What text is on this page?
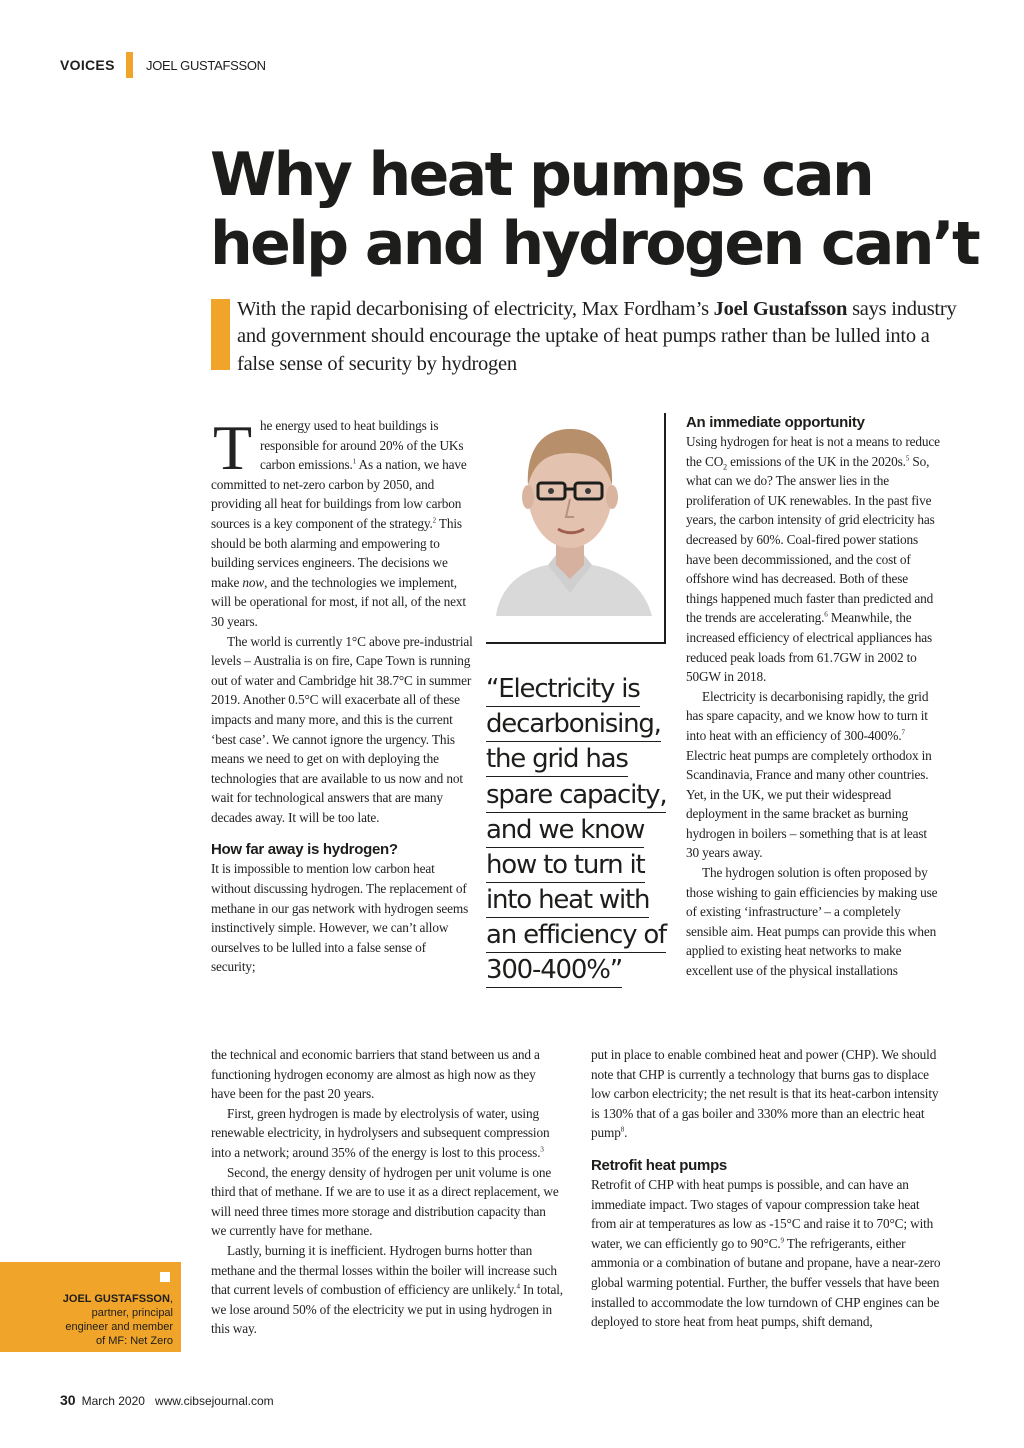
VOICES JOEL GUSTAFSSON
Why heat pumps can
help and hydrogen can’t
With the rapid decarbonising of electricity, Max Fordham’s Joel Gustafsson says industry and government should encourage the uptake of heat pumps rather than be lulled into a false sense of security by hydrogen

The energy used to heat buildings is responsible for around 20% of the UKs carbon emissions.$^1$ As a nation, we have committed to net-zero carbon by 2050, and providing all heat for buildings from low carbon sources is a key component of the strategy.$^2$ This should be both alarming and empowering to building services engineers. The decisions we make now, and the technologies we implement, will be operational for most, if not all, of the next 30 years.

The world is currently 1°C above pre-industrial levels – Australia is on fire, Cape Town is running out of water and Cambridge hit 38.7°C in summer 2019. Another 0.5°C will exacerbate all of these impacts and many more, and this is the current ‘best case’. We cannot ignore the urgency. This means we need to get on with deploying the technologies that are available to us now and not wait for technological answers that are many decades away. It will be too late.

How far away is hydrogen?

It is impossible to mention low carbon heat without discussing hydrogen. The replacement of methane in our gas network with hydrogen seems instinctively simple. However, we can’t allow ourselves to be lulled into a false sense of security;

the technical and economic barriers that stand between us and a functioning hydrogen economy are almost as high now as they have been for the past 20 years.

First, green hydrogen is made by electrolysis of water, using renewable electricity, in hydrolysers and subsequent compression into a network; around 35% of the energy is lost to this process.$^3$

Second, the energy density of hydrogen per unit volume is one third that of methane. If we are to use it as a direct replacement, we will need three times more storage and distribution capacity than we currently have for methane.

Lastly, burning it is inefficient. Hydrogen burns hotter than methane and the thermal losses within the boiler will increase such that current levels of combustion of efficiency are unlikely.$^4$ In total, we lose around 50% of the electricity we put in using hydrogen in this way.

“Electricity is
decarbonising,
the grid has
spare capacity,
and we know
how to turn it
into heat with
an efficiency of
300-400%”
An immediate opportunity

Using hydrogen for heat is not a means to reduce the $CO_2$ emissions of the UK in the 2020s.$^5$ So, what can we do? The answer lies in the proliferation of UK renewables. In the past five years, the carbon intensity of grid electricity has decreased by 60%. Coal-fired power stations have been decommissioned, and the cost of offshore wind has decreased. Both of these things happened much faster than predicted and the trends are accelerating.$^6$ Meanwhile, the increased efficiency of electrical appliances has reduced peak loads from 61.7GW in 2002 to 50GW in 2018.

Electricity is decarbonising rapidly, the grid has spare capacity, and we know how to turn it into heat with an efficiency of 300-400%.$^7$ Electric heat pumps are completely orthodox in Scandinavia, France and many other countries. Yet, in the UK, we put their widespread deployment in the same bracket as burning hydrogen in boilers – something that is at least 30 years away.

The hydrogen solution is often proposed by those wishing to gain efficiencies by making use of existing ‘infrastructure’ – a completely sensible aim. Heat pumps can provide this when applied to existing heat networks to make excellent use of the physical installations

put in place to enable combined heat and power (CHP). We should note that CHP is currently a technology that burns gas to displace low carbon electricity; the net result is that its heat-carbon intensity is 130% that of a gas boiler and 330% more than an electric heat pump$^8$.

Retrofit heat pumps

Retrofit of CHP with heat pumps is possible, and can have an immediate impact. Two stages of vapour compression take heat from air at temperatures as low as -15°C and raise it to 70°C; with water, we can efficiently go to 90°C.$^9$ The refrigerants, either ammonia or a combination of butane and propane, have a near-zero global warming potential. Further, the buffer vessels that have been installed to accommodate the low turndown of CHP engines can be deployed to store heat from heat pumps, shift demand,

JOEL GUSTAFSSON,
partner, principal
engineer and member
of MF: Net Zero
30 March 2020 www.cibsejournal.com
